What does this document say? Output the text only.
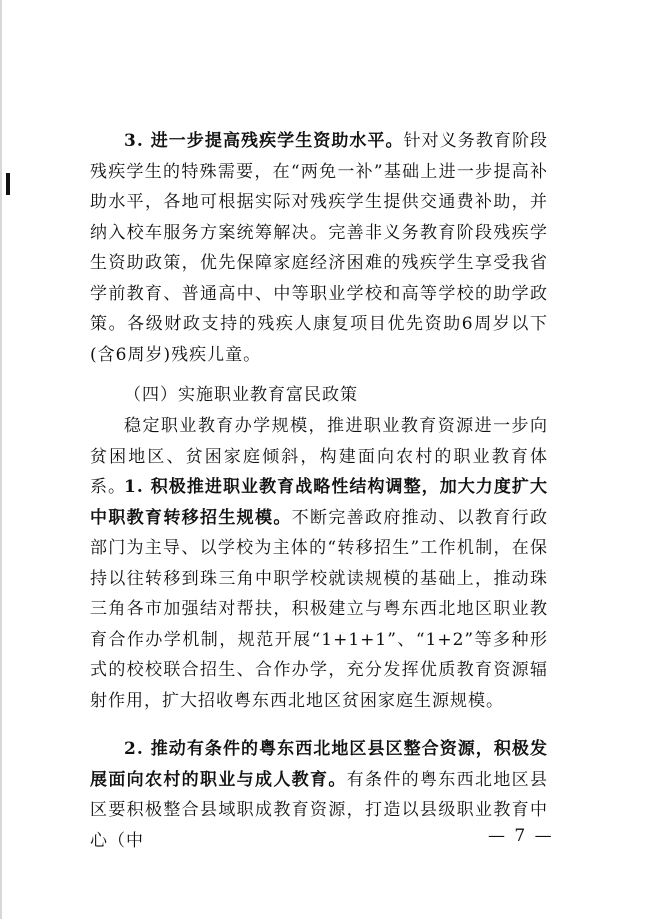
3. 进一步提高残疾学生资助水平。针对义务教育阶段残疾学生的特殊需要，在“两免一补”基础上进一步提高补助水平，各地可根据实际对残疾学生提供交通费补助，并纳入校车服务方案统筹解决。完善非义务教育阶段残疾学生资助政策，优先保障家庭经济困难的残疾学生享受我省学前教育、普通高中、中等职业学校和高等学校的助学政策。各级财政支持的残疾人康复项目优先资助6周岁以下(含6周岁)残疾儿童。

（四）实施职业教育富民政策

稳定职业教育办学规模，推进职业教育资源进一步向贫困地区、贫困家庭倾斜，构建面向农村的职业教育体系。

1. 积极推进职业教育战略性结构调整，加大力度扩大中职教育转移招生规模。不断完善政府推动、以教育行政部门为主导、以学校为主体的“转移招生”工作机制，在保持以往转移到珠三角中职学校就读规模的基础上，推动珠三角各市加强结对帮扶，积极建立与粤东西北地区职业教育合作办学机制，规范开展“1+1+1”、“1+2”等多种形式的校校联合招生、合作办学，充分发挥优质教育资源辐射作用，扩大招收粤东西北地区贫困家庭生源规模。

2. 推动有条件的粤东西北地区县区整合资源，积极发展面向农村的职业与成人教育。有条件的粤东西北地区县区要积极整合县域职成教育资源，打造以县级职业教育中心（中	— 7 —
